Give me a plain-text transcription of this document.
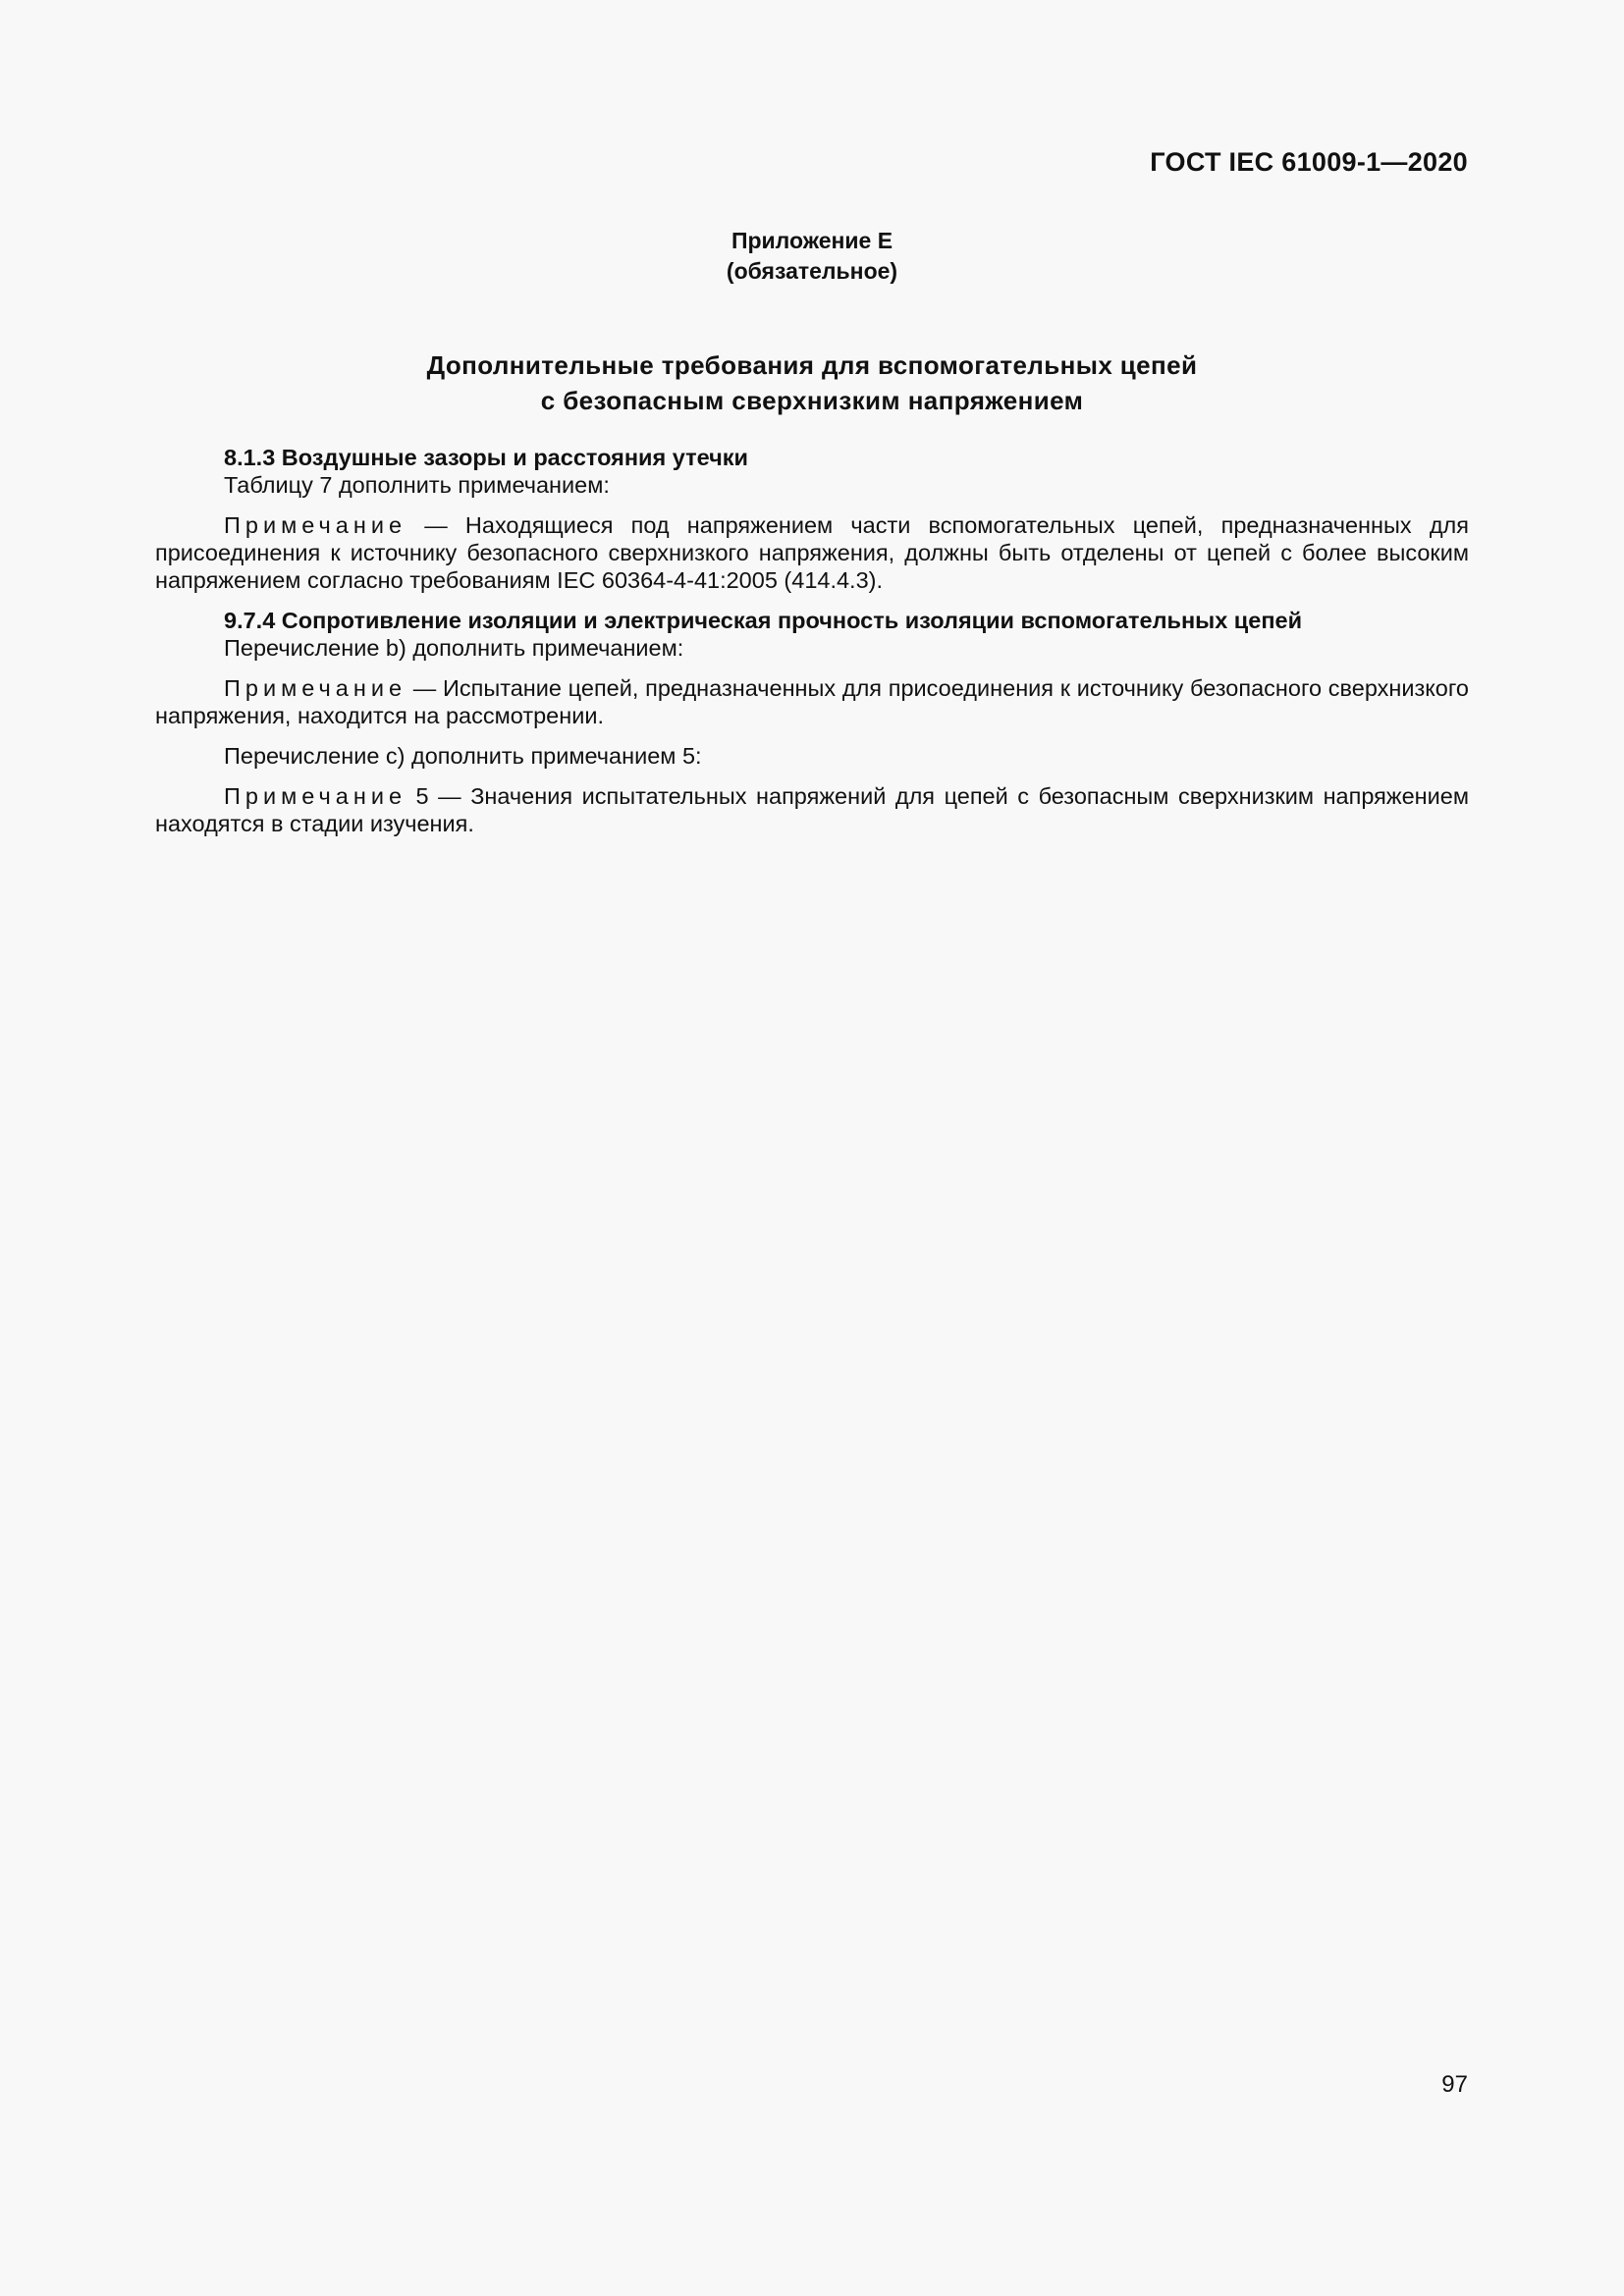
ГОСТ IEC 61009-1—2020
Приложение Е
(обязательное)
Дополнительные требования для вспомогательных цепей
с безопасным сверхнизким напряжением

8.1.3 Воздушные зазоры и расстояния утечки

Таблицу 7 дополнить примечанием:

Примечание — Находящиеся под напряжением части вспомогательных цепей, предназначенных для присоединения к источнику безопасного сверхнизкого напряжения, должны быть отделены от цепей с более высоким напряжением согласно требованиям IEC 60364-4-41:2005 (414.4.3).

9.7.4 Сопротивление изоляции и электрическая прочность изоляции вспомогательных цепей

Перечисление b) дополнить примечанием:

Примечание — Испытание цепей, предназначенных для присоединения к источнику безопасного сверхнизкого напряжения, находится на рассмотрении.

Перечисление c) дополнить примечанием 5:

Примечание 5 — Значения испытательных напряжений для цепей с безопасным сверхнизким напряжением находятся в стадии изучения.

97
